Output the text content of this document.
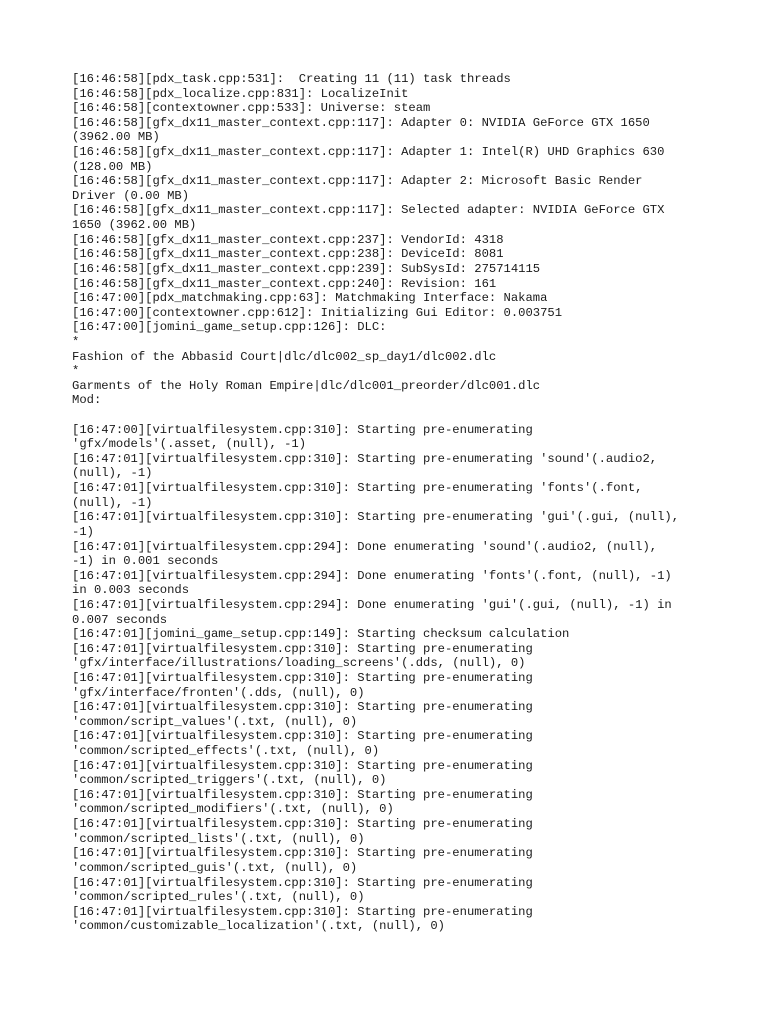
[16:46:58][pdx_task.cpp:531]:  Creating 11 (11) task threads
[16:46:58][pdx_localize.cpp:831]: LocalizeInit
[16:46:58][contextowner.cpp:533]: Universe: steam
[16:46:58][gfx_dx11_master_context.cpp:117]: Adapter 0: NVIDIA GeForce GTX 1650
(3962.00 MB)
[16:46:58][gfx_dx11_master_context.cpp:117]: Adapter 1: Intel(R) UHD Graphics 630
(128.00 MB)
[16:46:58][gfx_dx11_master_context.cpp:117]: Adapter 2: Microsoft Basic Render
Driver (0.00 MB)
[16:46:58][gfx_dx11_master_context.cpp:117]: Selected adapter: NVIDIA GeForce GTX
1650 (3962.00 MB)
[16:46:58][gfx_dx11_master_context.cpp:237]: VendorId: 4318
[16:46:58][gfx_dx11_master_context.cpp:238]: DeviceId: 8081
[16:46:58][gfx_dx11_master_context.cpp:239]: SubSysId: 275714115
[16:46:58][gfx_dx11_master_context.cpp:240]: Revision: 161
[16:47:00][pdx_matchmaking.cpp:63]: Matchmaking Interface: Nakama
[16:47:00][contextowner.cpp:612]: Initializing Gui Editor: 0.003751
[16:47:00][jomini_game_setup.cpp:126]: DLC:
*
Fashion of the Abbasid Court|dlc/dlc002_sp_day1/dlc002.dlc
*
Garments of the Holy Roman Empire|dlc/dlc001_preorder/dlc001.dlc
Mod:
[16:47:00][virtualfilesystem.cpp:310]: Starting pre-enumerating
'gfx/models'(.asset, (null), -1)
[16:47:01][virtualfilesystem.cpp:310]: Starting pre-enumerating 'sound'(.audio2,
(null), -1)
[16:47:01][virtualfilesystem.cpp:310]: Starting pre-enumerating 'fonts'(.font,
(null), -1)
[16:47:01][virtualfilesystem.cpp:310]: Starting pre-enumerating 'gui'(.gui, (null),
-1)
[16:47:01][virtualfilesystem.cpp:294]: Done enumerating 'sound'(.audio2, (null),
-1) in 0.001 seconds
[16:47:01][virtualfilesystem.cpp:294]: Done enumerating 'fonts'(.font, (null), -1)
in 0.003 seconds
[16:47:01][virtualfilesystem.cpp:294]: Done enumerating 'gui'(.gui, (null), -1) in
0.007 seconds
[16:47:01][jomini_game_setup.cpp:149]: Starting checksum calculation
[16:47:01][virtualfilesystem.cpp:310]: Starting pre-enumerating
'gfx/interface/illustrations/loading_screens'(.dds, (null), 0)
[16:47:01][virtualfilesystem.cpp:310]: Starting pre-enumerating
'gfx/interface/fronten'(.dds, (null), 0)
[16:47:01][virtualfilesystem.cpp:310]: Starting pre-enumerating
'common/script_values'(.txt, (null), 0)
[16:47:01][virtualfilesystem.cpp:310]: Starting pre-enumerating
'common/scripted_effects'(.txt, (null), 0)
[16:47:01][virtualfilesystem.cpp:310]: Starting pre-enumerating
'common/scripted_triggers'(.txt, (null), 0)
[16:47:01][virtualfilesystem.cpp:310]: Starting pre-enumerating
'common/scripted_modifiers'(.txt, (null), 0)
[16:47:01][virtualfilesystem.cpp:310]: Starting pre-enumerating
'common/scripted_lists'(.txt, (null), 0)
[16:47:01][virtualfilesystem.cpp:310]: Starting pre-enumerating
'common/scripted_guis'(.txt, (null), 0)
[16:47:01][virtualfilesystem.cpp:310]: Starting pre-enumerating
'common/scripted_rules'(.txt, (null), 0)
[16:47:01][virtualfilesystem.cpp:310]: Starting pre-enumerating
'common/customizable_localization'(.txt, (null), 0)
